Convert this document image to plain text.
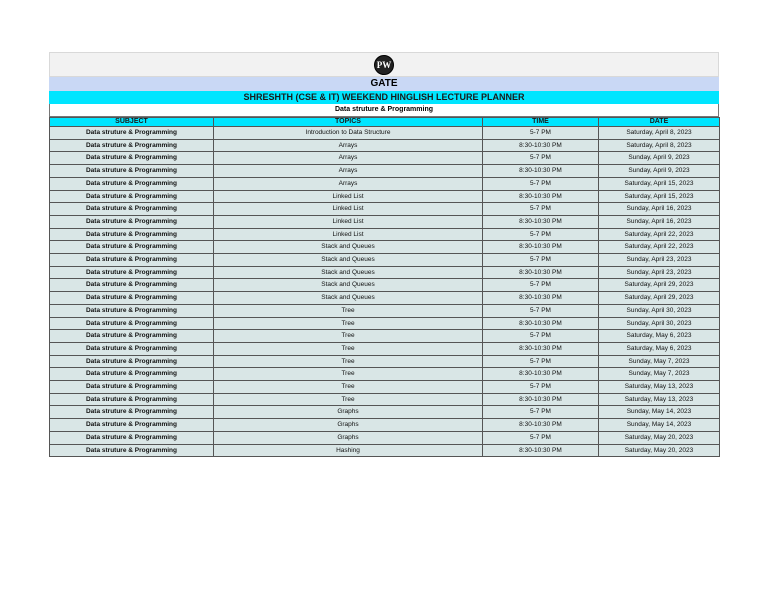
PW
GATE
SHRESHTH (CSE & IT) WEEKEND HINGLISH LECTURE PLANNER
Data struture & Programming
SUBJECT	TOPICS	TIME	DATE
Data struture & Programming	Introduction to Data Structure	5-7 PM	Saturday, April 8, 2023
Data struture & Programming	Arrays	8:30-10:30 PM	Saturday, April 8, 2023
Data struture & Programming	Arrays	5-7 PM	Sunday, April 9, 2023
Data struture & Programming	Arrays	8:30-10:30 PM	Sunday, April 9, 2023
Data struture & Programming	Arrays	5-7 PM	Saturday, April 15, 2023
Data struture & Programming	Linked List	8:30-10:30 PM	Saturday, April 15, 2023
Data struture & Programming	Linked List	5-7 PM	Sunday, April 16, 2023
Data struture & Programming	Linked List	8:30-10:30 PM	Sunday, April 16, 2023
Data struture & Programming	Linked List	5-7 PM	Saturday, April 22, 2023
Data struture & Programming	Stack and Queues	8:30-10:30 PM	Saturday, April 22, 2023
Data struture & Programming	Stack and Queues	5-7 PM	Sunday, April 23, 2023
Data struture & Programming	Stack and Queues	8:30-10:30 PM	Sunday, April 23, 2023
Data struture & Programming	Stack and Queues	5-7 PM	Saturday, April 29, 2023
Data struture & Programming	Stack and Queues	8:30-10:30 PM	Saturday, April 29, 2023
Data struture & Programming	Tree	5-7 PM	Sunday, April 30, 2023
Data struture & Programming	Tree	8:30-10:30 PM	Sunday, April 30, 2023
Data struture & Programming	Tree	5-7 PM	Saturday, May 6, 2023
Data struture & Programming	Tree	8:30-10:30 PM	Saturday, May 6, 2023
Data struture & Programming	Tree	5-7 PM	Sunday, May 7, 2023
Data struture & Programming	Tree	8:30-10:30 PM	Sunday, May 7, 2023
Data struture & Programming	Tree	5-7 PM	Saturday, May 13, 2023
Data struture & Programming	Tree	8:30-10:30 PM	Saturday, May 13, 2023
Data struture & Programming	Graphs	5-7 PM	Sunday, May 14, 2023
Data struture & Programming	Graphs	8:30-10:30 PM	Sunday, May 14, 2023
Data struture & Programming	Graphs	5-7 PM	Saturday, May 20, 2023
Data struture & Programming	Hashing	8:30-10:30 PM	Saturday, May 20, 2023
